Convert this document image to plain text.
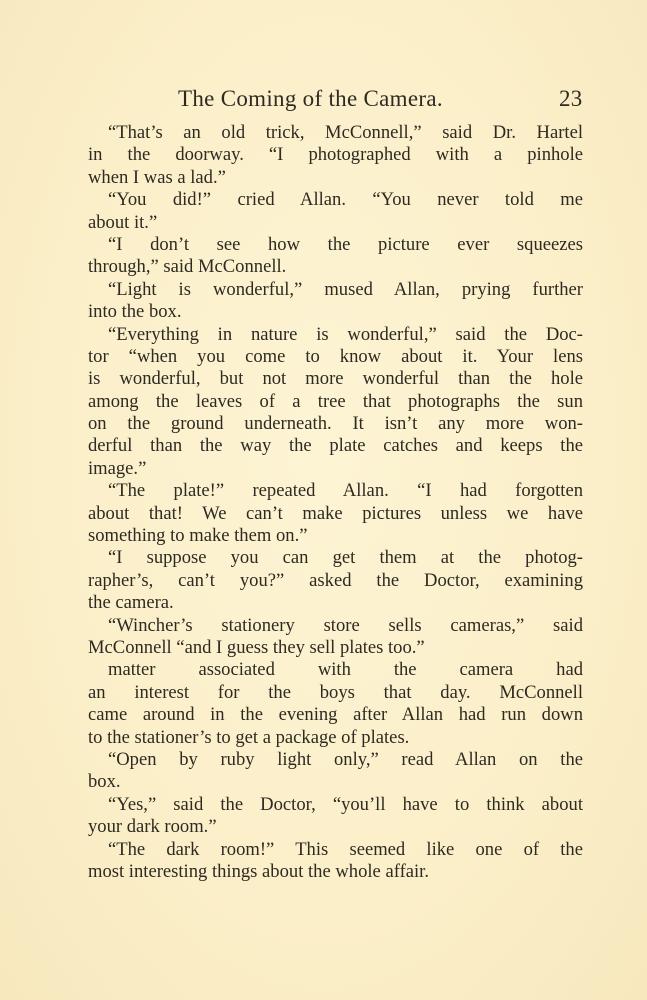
The Coming of the Camera.	23
“That’s an old trick, McConnell,” said Dr. Hartel
in the doorway. “I photographed with a pinhole
when I was a lad.”
“You did!” cried Allan. “You never told me
about it.”
“I don’t see how the picture ever squeezes
through,” said McConnell.
“Light is wonderful,” mused Allan, prying further
into the box.
“Everything in nature is wonderful,” said the Doc-
tor “when you come to know about it. Your lens
is wonderful, but not more wonderful than the hole
among the leaves of a tree that photographs the sun
on the ground underneath. It isn’t any more won-
derful than the way the plate catches and keeps the
image.”
“The plate!” repeated Allan. “I had forgotten
about that! We can’t make pictures unless we have
something to make them on.”
“I suppose you can get them at the photog-
rapher’s, can’t you?” asked the Doctor, examining
the camera.
“Wincher’s stationery store sells cameras,” said
McConnell “and I guess they sell plates too.”
matter associated with the camera had
an interest for the boys that day. McConnell
came around in the evening after Allan had run down
to the stationer’s to get a package of plates.
“Open by ruby light only,” read Allan on the
box.
“Yes,” said the Doctor, “you’ll have to think about
your dark room.”
“The dark room!” This seemed like one of the
most interesting things about the whole affair.
